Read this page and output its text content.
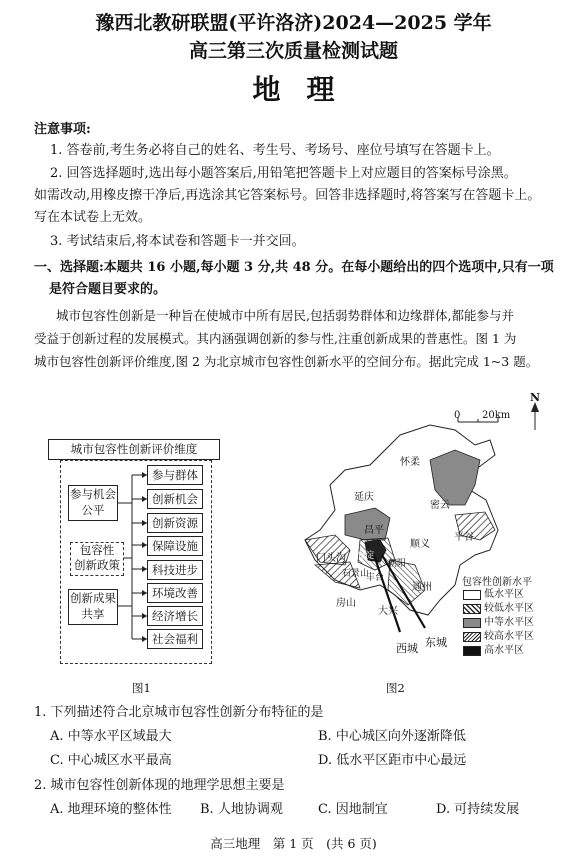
豫西北教研联盟(平许洛济)2024—2025 学年
高三第三次质量检测试题
地理
注意事项:
1. 答卷前,考生务必将自己的姓名、考生号、考场号、座位号填写在答题卡上。
2. 回答选择题时,选出每小题答案后,用铅笔把答题卡上对应题目的答案标号涂黑。
如需改动,用橡皮擦干净后,再选涂其它答案标号。回答非选择题时,将答案写在答题卡上。
写在本试卷上无效。
3. 考试结束后,将本试卷和答题卡一并交回。
一、选择题:本题共 16 小题,每小题 3 分,共 48 分。在每小题给出的四个选项中,只有一项
是符合题目要求的。
城市包容性创新是一种旨在使城市中所有居民,包括弱势群体和边缘群体,都能参与并
受益于创新过程的发展模式。其内涵强调创新的参与性,注重创新成果的普惠性。图 1 为
城市包容性创新评价维度,图 2 为北京城市包容性创新水平的空间分布。据此完成 1~3 题。
城市包容性创新评价维度
参与机会
公平
包容性
创新政策
创新成果
共享
参与群体
创新机会
创新资源
保障设施
科技进步
环境改善
经济增长
社会福利
图1
0 20km
N
怀柔
延庆
密云
昌平
顺义
平谷
门头沟 海淀
朝阳
石景山
丰台
通州
房山
大兴
西城 东城
包容性创新水平
低水平区
较低水平区
中等水平区
较高水平区
高水平区
图2
1. 下列描述符合北京城市包容性创新分布特征的是
A. 中等水平区域最大	B. 中心城区向外逐渐降低
C. 中心城区水平最高	D. 低水平区距市中心最远
2. 城市包容性创新体现的地理学思想主要是
A. 地理环境的整体性 B. 人地协调观	C. 因地制宜	D. 可持续发展
高三地理　第 1 页　(共 6 页)
